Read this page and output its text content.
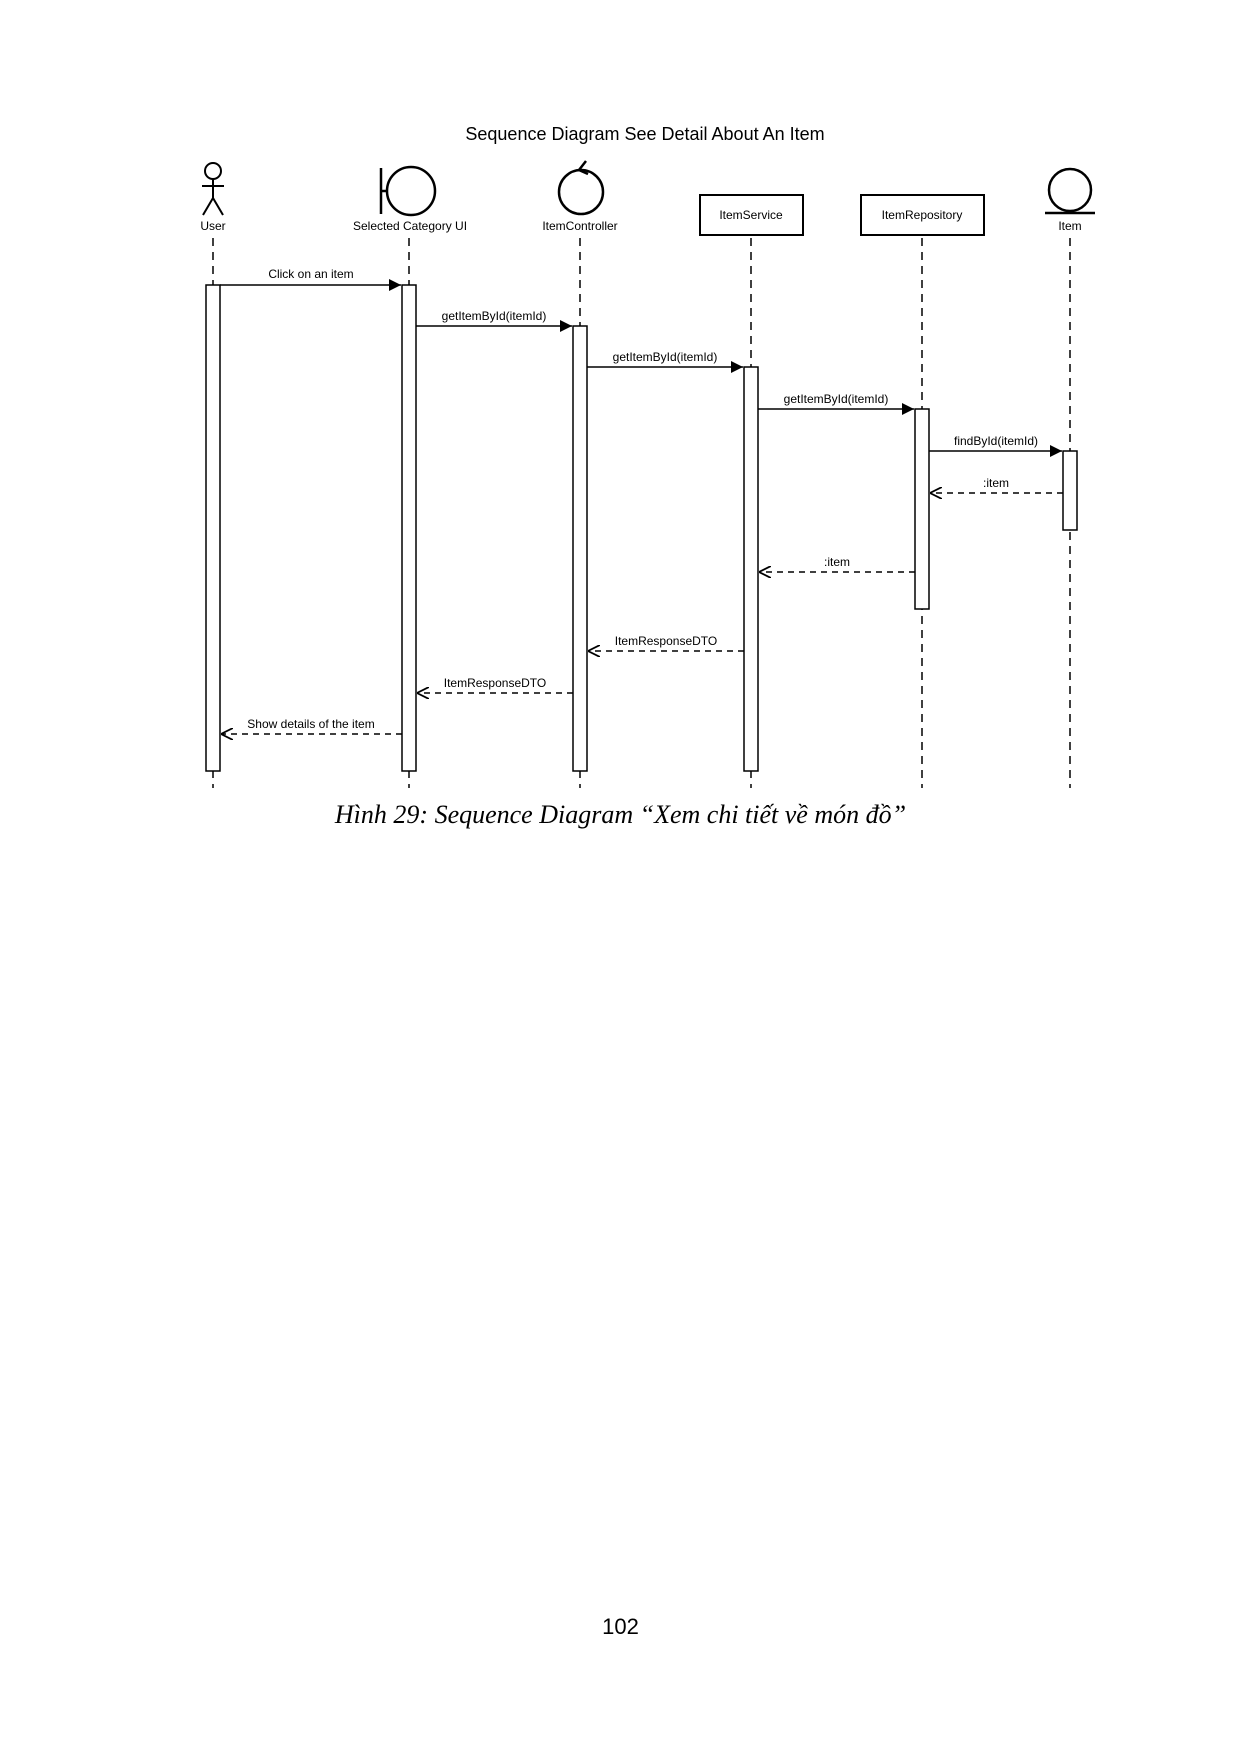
Sequence Diagram See Detail About An Item
User	Selected Category UI	ItemController
ItemService	ItemRepository
Item
Click on an item
getItemById(itemId)
getItemById(itemId)
getItemById(itemId)
findById(itemId)
:item
:item
ItemResponseDTO
ItemResponseDTO
Show details of the item
Hình 29: Sequence Diagram “Xem chi tiết về món đồ”
102
